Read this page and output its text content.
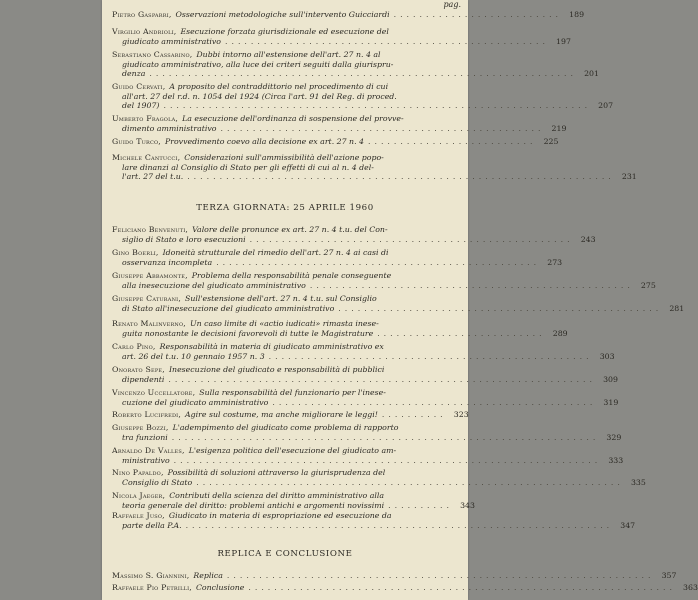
pag.
Pietro Gasparri, Osservazioni metodologiche sull'intervento Guicciardi .......................... 189
Virgilio Andrioli, Esecuzione forzata giurisdizionale ed esecuzione del
giudicato amministrativo .................................................. 197
Sebastiano Cassarino, Dubbi intorno all'estensione dell'art. 27 n. 4 al
giudicato amministrativo, alla luce dei criteri seguiti dalla giurispru-
denza .................................................................. 201
Guido Cervati, A proposito del contraddittorio nel procedimento di cui
all'art. 27 del r.d. n. 1054 del 1924 (Circa l'art. 91 del Reg. di proced.
del 1907) .................................................................. 207
Umberto Fragola, La esecuzione dell'ordinanza di sospensione del provve-
dimento amministrativo .................................................. 219
Guido Turco, Provvedimento coevo alla decisione ex art. 27 n. 4 .......................... 225
Michele Cantucci, Considerazioni sull'ammissibilità dell'azione popo-
lare dinanzi al Consiglio di Stato per gli effetti di cui al n. 4 del-
l'art. 27 del t.u. .................................................................. 231
TERZA GIORNATA: 25 APRILE 1960
Feliciano Benvenuti, Valore delle pronunce ex art. 27 n. 4 t.u. del Con-
siglio di Stato e loro esecuzioni .................................................. 243
Gino Boerli, Idoneità strutturale del rimedio dell'art. 27 n. 4 ai casi di
osservanza incompleta .................................................. 273
Giuseppe Abbamonte, Problema della responsabilità penale conseguente
alla inesecuzione del giudicato amministrativo .................................................. 275
Giuseppe Caturani, Sull'estensione dell'art. 27 n. 4 t.u. sul Consiglio
di Stato all'inesecuzione del giudicato amministrativo .................................................. 281
Renato Malinverno, Un caso limite di «actio iudicati» rimasta inese-
guita nonostante le decisioni favorevoli di tutte le Magistrature .......................... 289
Carlo Pino, Responsabilità in materia di giudicato amministrativo ex
art. 26 del t.u. 10 gennaio 1957 n. 3 .................................................. 303
Onorato Sepe, Inesecuzione del giudicato e responsabilità di pubblici
dipendenti .................................................................. 309
Vincenzo Uccellatore, Sulla responsabilità del funzionario per l'inese-
cuzione del giudicato amministrativo .................................................. 319
Roberto Lucifredi, Agire sul costume, ma anche migliorare le leggi! .......... 323
Giuseppe Bozzi, L'adempimento del giudicato come problema di rapporto
tra funzioni .................................................................. 329
Arnaldo De Valles, L'esigenza politica dell'esecuzione del giudicato am-
ministrativo .................................................................. 333
Nino Papaldo, Possibilità di soluzioni attraverso la giurisprudenza del
Consiglio di Stato .................................................................. 335
Nicola Jaeger, Contributi della scienza del diritto amministrativo alla
teoria generale del diritto: problemi antichi e argomenti novissimi .......... 343
Raffaele Juso, Giudicato in materia di espropriazione ed esecuzione da
parte della P.A. .................................................................. 347
REPLICA E CONCLUSIONE
Massimo S. Giannini, Replica .................................................................. 357
Raffaele Pio Petrilli, Conclusione .................................................................. 363
